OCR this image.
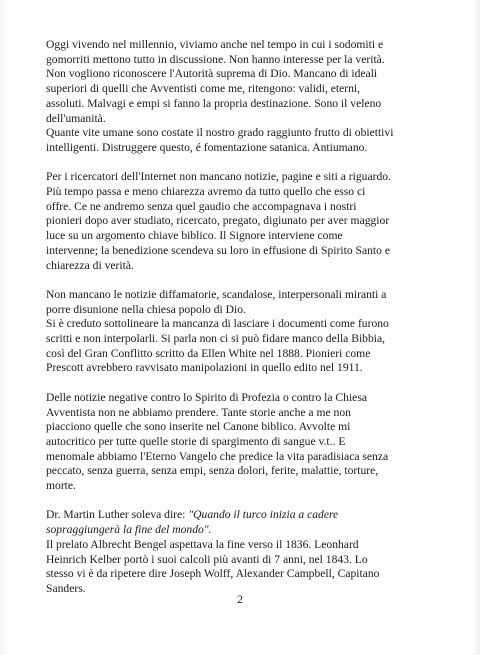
Oggi vivendo nel millennio, viviamo anche nel tempo in cui i sodomiti e
gomorriti mettono tutto in discussione. Non hanno interesse per la verità.
Non vogliono riconoscere l'Autorità suprema di Dio. Mancano di ideali
superiori di quelli che Avventisti come me, ritengono: validi, eterni,
assoluti. Malvagi e empi si fanno la propria destinazione. Sono il veleno
dell'umanità.
Quante vite umane sono costate il nostro grado raggiunto frutto di obiettivi
intelligenti. Distruggere questo, é fomentazione satanica. Antiumano.

Per i ricercatori dell'Internet non mancano notizie, pagine e siti a riguardo.
Più tempo passa e meno chiarezza avremo da tutto quello che esso ci
offre. Ce ne andremo senza quel gaudio che accompagnava i nostri
pionieri dopo aver studiato, ricercato, pregato, digiunato per aver maggior
luce su un argomento chiave biblico. Il Signore interviene come
intervenne; la benedizione scendeva su loro in effusione di Spirito Santo e
chiarezza di verità.

Non mancano le notizie diffamatorie, scandalose, interpersonali miranti a
porre disunione nella chiesa popolo di Dio.
Si è creduto sottolineare la mancanza di lasciare i documenti come furono
scritti e non interpolarli. Si parla non ci si può fidare manco della Bibbia,
così del Gran Conflitto scritto da Ellen White nel 1888. Pionieri come
Prescott avrebbero ravvisato manipolazioni in quello edito nel 1911.

Delle notizie negative contro lo Spirito di Profezia o contro la Chiesa
Avventista non ne abbiamo prendere. Tante storie anche a me non
piacciono quelle che sono inserite nel Canone biblico. Avvolte mi
autocritico per tutte quelle storie di spargimento di sangue v.t.. E
menomale abbiamo l'Eterno Vangelo che predice la vita paradisiaca senza
peccato, senza guerra, senza empi, senza dolori, ferite, malattie, torture,
morte.

Dr. Martin Luther soleva dire: "Quando il turco inizia a cadere
sopraggiungerà la fine del mondo".
Il prelato Albrecht Bengel aspettava la fine verso il 1836. Leonhard
Heinrich Kelber portò i suoi calcoli più avanti di 7 anni, nel 1843. Lo
stesso vi è da ripetere dire Joseph Wolff, Alexander Campbell, Capitano
Sanders.

2
